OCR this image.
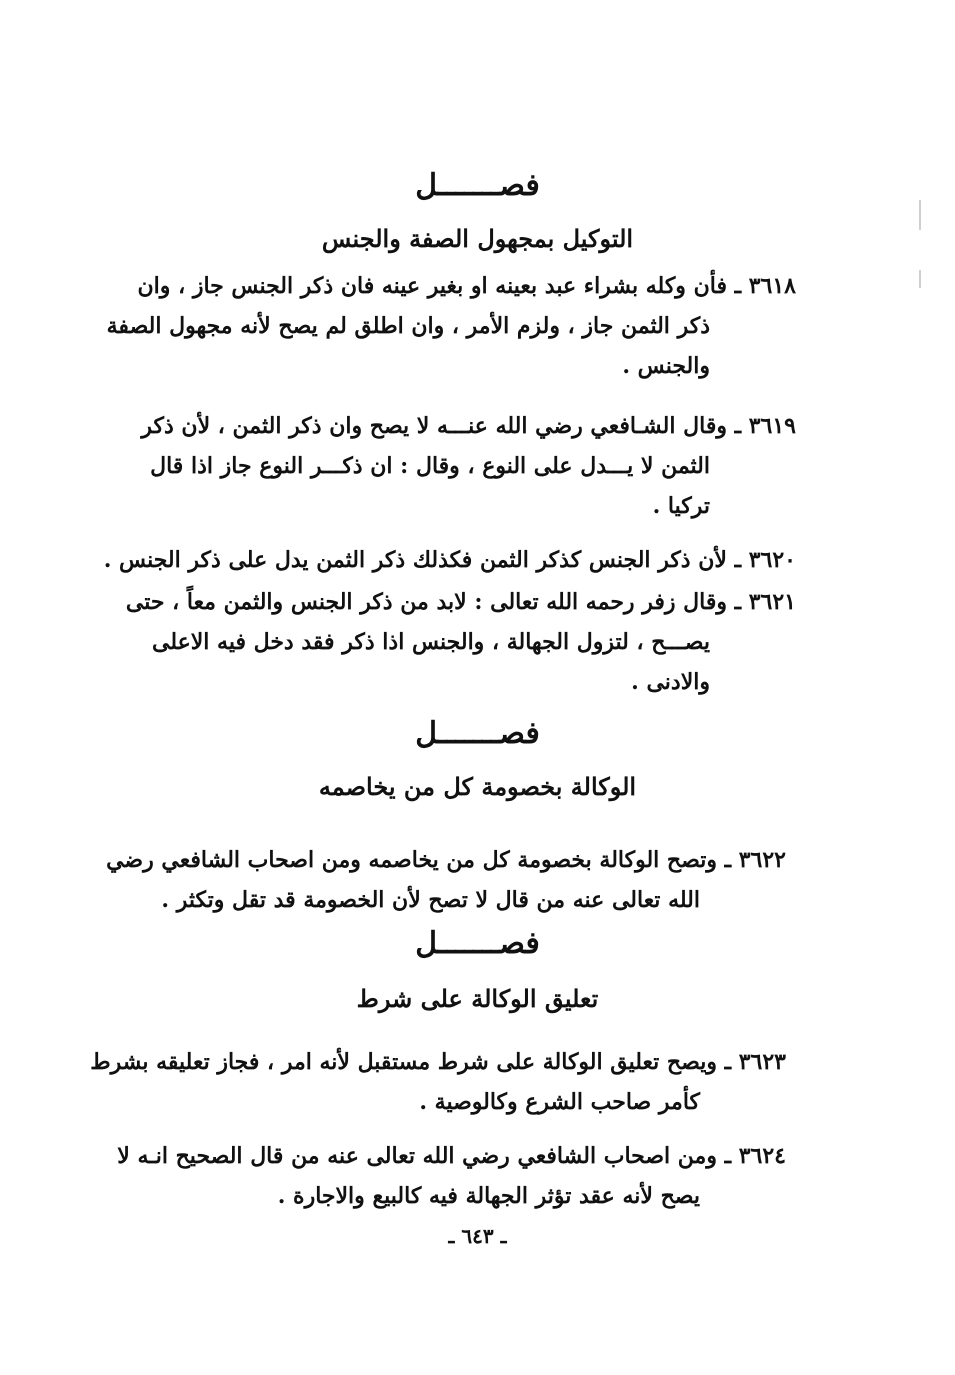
فصـــــــل
التوكيل بمجهول الصفة والجنس
٣٦١٨ ـ فأن وكله بشراء عبد بعينه او بغير عينه فان ذكر الجنس جاز ، وان
ذكر الثمن جاز ، ولزم الأمر ، وان اطلق لم يصح لأنه مجهول الصفة
والجنس .
٣٦١٩ ـ وقال الشـافعي رضي الله عنـــه لا يصح وان ذكر الثمن ، لأن ذكر
الثمن لا يـــدل على النوع ، وقال : ان ذكـــر النوع جاز اذا قال
تركيا .
٣٦٢٠ ـ لأن ذكر الجنس كذكر الثمن فكذلك ذكر الثمن يدل على ذكر الجنس .
٣٦٢١ ـ وقال زفر رحمه الله تعالى : لابد من ذكر الجنس والثمن معاً ، حتى
يصـــح ، لتزول الجهالة ، والجنس اذا ذكر فقد دخل فيه الاعلى
والادنى .
فصـــــــل
الوكالة بخصومة كل من يخاصمه
٣٦٢٢ ـ وتصح الوكالة بخصومة كل من يخاصمه ومن اصحاب الشافعي رضي
الله تعالى عنه من قال لا تصح لأن الخصومة قد تقل وتكثر .
فصـــــــل
تعليق الوكالة على شرط
٣٦٢٣ ـ ويصح تعليق الوكالة على شرط مستقبل لأنه امر ، فجاز تعليقه بشرط
كأمر صاحب الشرع وكالوصية .
٣٦٢٤ ـ ومن اصحاب الشافعي رضي الله تعالى عنه من قال الصحيح انـه لا
يصح لأنه عقد تؤثر الجهالة فيه كالبيع والاجارة .
ـ ٦٤٣ ـ
